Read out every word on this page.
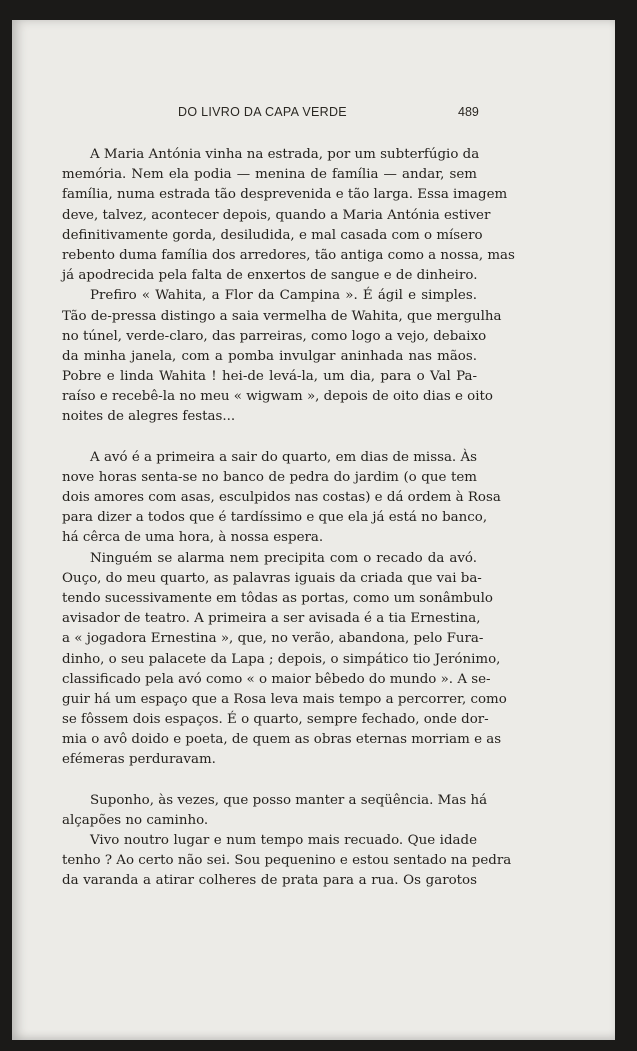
DO LIVRO DA CAPA VERDE	489
A Maria Antónia vinha na estrada, por um subterfúgio da
memória. Nem ela podia — menina de família — andar, sem
família, numa estrada tão desprevenida e tão larga. Essa imagem
deve, talvez, acontecer depois, quando a Maria Antónia estiver
definitivamente gorda, desiludida, e mal casada com o mísero
rebento duma família dos arredores, tão antiga como a nossa, mas
já apodrecida pela falta de enxertos de sangue e de dinheiro.
Prefiro « Wahita, a Flor da Campina ». É ágil e simples.
Tão de-pressa distingo a saia vermelha de Wahita, que mergulha
no túnel, verde-claro, das parreiras, como logo a vejo, debaixo
da minha janela, com a pomba invulgar aninhada nas mãos.
Pobre e linda Wahita ! hei-de levá-la, um dia, para o Val Pa-
raíso e recebê-la no meu « wigwam », depois de oito dias e oito
noites de alegres festas...
A avó é a primeira a sair do quarto, em dias de missa. Às
nove horas senta-se no banco de pedra do jardim (o que tem
dois amores com asas, esculpidos nas costas) e dá ordem à Rosa
para dizer a todos que é tardíssimo e que ela já está no banco,
há cêrca de uma hora, à nossa espera.
Ninguém se alarma nem precipita com o recado da avó.
Ouço, do meu quarto, as palavras iguais da criada que vai ba-
tendo sucessivamente em tôdas as portas, como um sonâmbulo
avisador de teatro. A primeira a ser avisada é a tia Ernestina,
a « jogadora Ernestina », que, no verão, abandona, pelo Fura-
dinho, o seu palacete da Lapa ; depois, o simpático tio Jerónimo,
classificado pela avó como « o maior bêbedo do mundo ». A se-
guir há um espaço que a Rosa leva mais tempo a percorrer, como
se fôssem dois espaços. É o quarto, sempre fechado, onde dor-
mia o avô doido e poeta, de quem as obras eternas morriam e as
efémeras perduravam.
Suponho, às vezes, que posso manter a seqüência. Mas há
alçapões no caminho.
Vivo noutro lugar e num tempo mais recuado. Que idade
tenho ? Ao certo não sei. Sou pequenino e estou sentado na pedra
da varanda a atirar colheres de prata para a rua. Os garotos
